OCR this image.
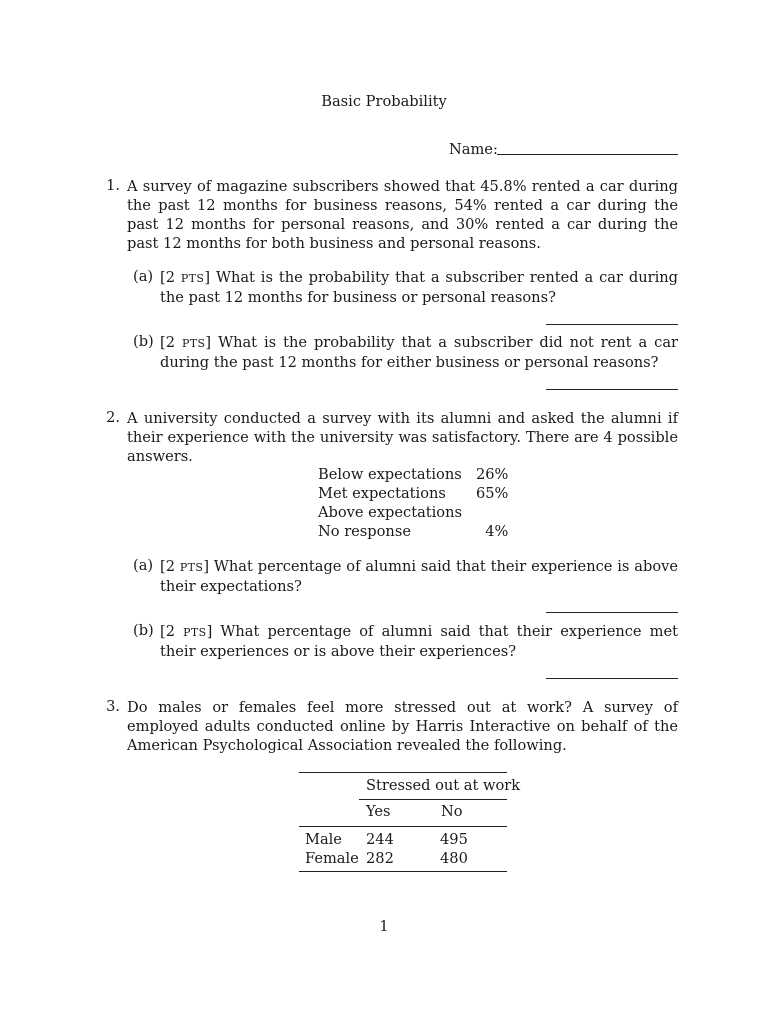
Basic Probability
Name:
1. A survey of magazine subscribers showed that 45.8% rented a car during the past 12 months for business reasons, 54% rented a car during the past 12 months for personal reasons, and 30% rented a car during the past 12 months for both business and personal reasons.
(a) [2 PTS] What is the probability that a subscriber rented a car during the past 12 months for business or personal reasons?
(b) [2 PTS] What is the probability that a subscriber did not rent a car during the past 12 months for either business or personal reasons?
2. A university conducted a survey with its alumni and asked the alumni if their experience with the university was satisfactory. There are 4 possible answers.
Below expectations	26%
Met expectations	65%
Above expectations	
No response	4%
(a) [2 PTS] What percentage of alumni said that their experience is above their expectations?
(b) [2 PTS] What percentage of alumni said that their experience met their experiences or is above their experiences?
3. Do males or females feel more stressed out at work? A survey of employed adults conducted online by Harris Interactive on behalf of the American Psychological Association revealed the following.
Stressed out at work
Yes	No
Male 244	495
Female 282	480
1
